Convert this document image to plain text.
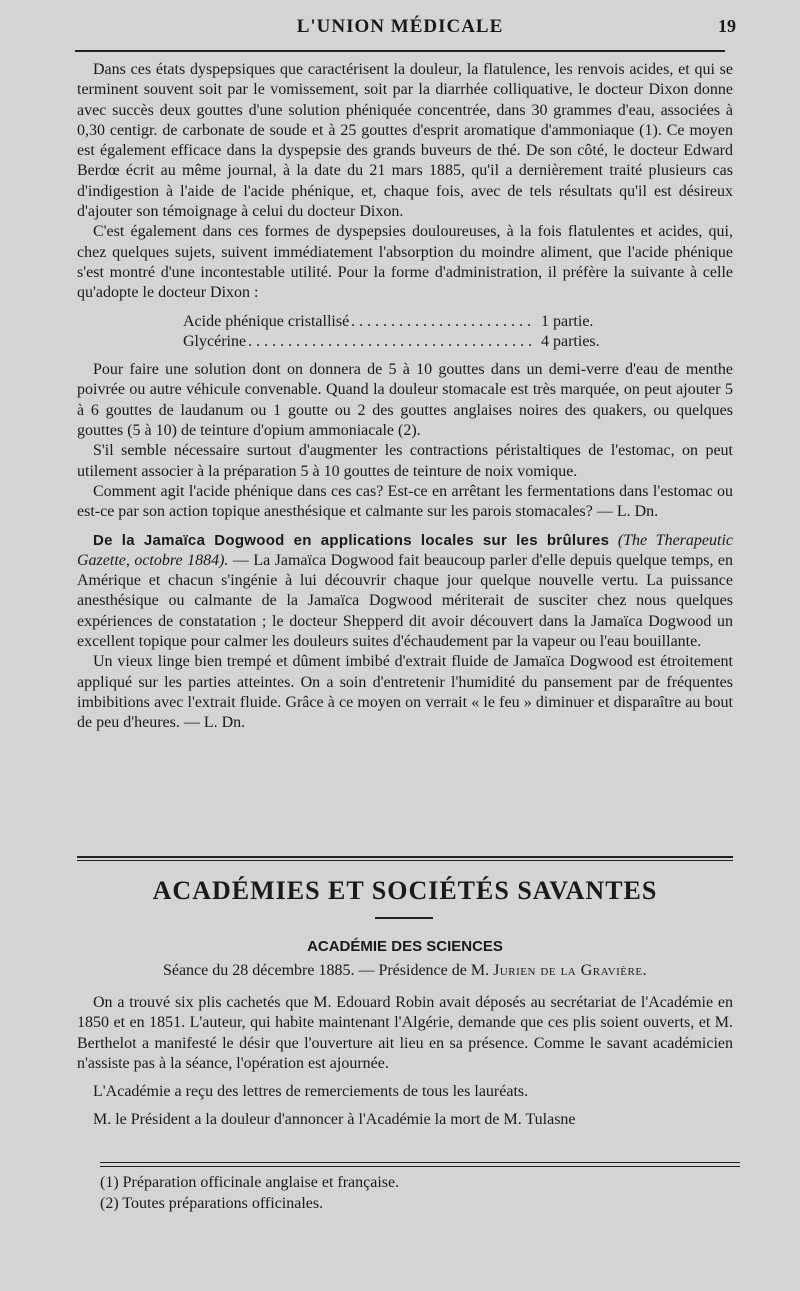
L'UNION MÉDICALE	19

Dans ces états dyspepsiques que caractérisent la douleur, la flatulence, les renvois acides, et qui se terminent souvent soit par le vomissement, soit par la diarrhée colliquative, le docteur Dixon donne avec succès deux gouttes d'une solution phéniquée concentrée, dans 30 grammes d'eau, associées à 0,30 centigr. de carbonate de soude et à 25 gouttes d'esprit aromatique d'ammoniaque (1). Ce moyen est également efficace dans la dyspepsie des grands buveurs de thé. De son côté, le docteur Edward Berdœ écrit au même journal, à la date du 21 mars 1885, qu'il a dernièrement traité plusieurs cas d'indigestion à l'aide de l'acide phénique, et, chaque fois, avec de tels résultats qu'il est désireux d'ajouter son témoignage à celui du docteur Dixon.

C'est également dans ces formes de dyspepsies douloureuses, à la fois flatulentes et acides, qui, chez quelques sujets, suivent immédiatement l'absorption du moindre aliment, que l'acide phénique s'est montré d'une incontestable utilité. Pour la forme d'administration, il préfère la suivante à celle qu'adopte le docteur Dixon :

Acide phénique cristallisé . . .	1 partie.
Glycérine . . .	4 parties.

Pour faire une solution dont on donnera de 5 à 10 gouttes dans un demi-verre d'eau de menthe poivrée ou autre véhicule convenable. Quand la douleur stomacale est très marquée, on peut ajouter 5 à 6 gouttes de laudanum ou 1 goutte ou 2 des gouttes anglaises noires des quakers, ou quelques gouttes (5 à 10) de teinture d'opium ammoniacale (2).

S'il semble nécessaire surtout d'augmenter les contractions péristaltiques de l'estomac, on peut utilement associer à la préparation 5 à 10 gouttes de teinture de noix vomique.

Comment agit l'acide phénique dans ces cas? Est-ce en arrêtant les fermentations dans l'estomac ou est-ce par son action topique anesthésique et calmante sur les parois stomacales? — L. Dn.

De la Jamaïca Dogwood en applications locales sur les brûlures (The Therapeutic Gazette, octobre 1884). — La Jamaïca Dogwood fait beaucoup parler d'elle depuis quelque temps, en Amérique et chacun s'ingénie à lui découvrir chaque jour quelque nouvelle vertu. La puissance anesthésique ou calmante de la Jamaïca Dogwood mériterait de susciter chez nous quelques expériences de constatation ; le docteur Shepperd dit avoir découvert dans la Jamaïca Dogwood un excellent topique pour calmer les douleurs suites d'échaudement par la vapeur ou l'eau bouillante.

Un vieux linge bien trempé et dûment imbibé d'extrait fluide de Jamaïca Dogwood est étroitement appliqué sur les parties atteintes. On a soin d'entretenir l'humidité du pansement par de fréquentes imbibitions avec l'extrait fluide. Grâce à ce moyen on verrait « le feu » diminuer et disparaître au bout de peu d'heures. — L. Dn.

ACADÉMIES ET SOCIÉTÉS SAVANTES
ACADÉMIE DES SCIENCES
Séance du 28 décembre 1885. — Présidence de M. Jurien de la Gravière.

On a trouvé six plis cachetés que M. Edouard Robin avait déposés au secrétariat de l'Académie en 1850 et en 1851. L'auteur, qui habite maintenant l'Algérie, demande que ces plis soient ouverts, et M. Berthelot a manifesté le désir que l'ouverture ait lieu en sa présence. Comme le savant académicien n'assiste pas à la séance, l'opération est ajournée.

L'Académie a reçu des lettres de remerciements de tous les lauréats.

M. le Président a la douleur d'annoncer à l'Académie la mort de M. Tulasne

(1) Préparation officinale anglaise et française.
(2) Toutes préparations officinales.
